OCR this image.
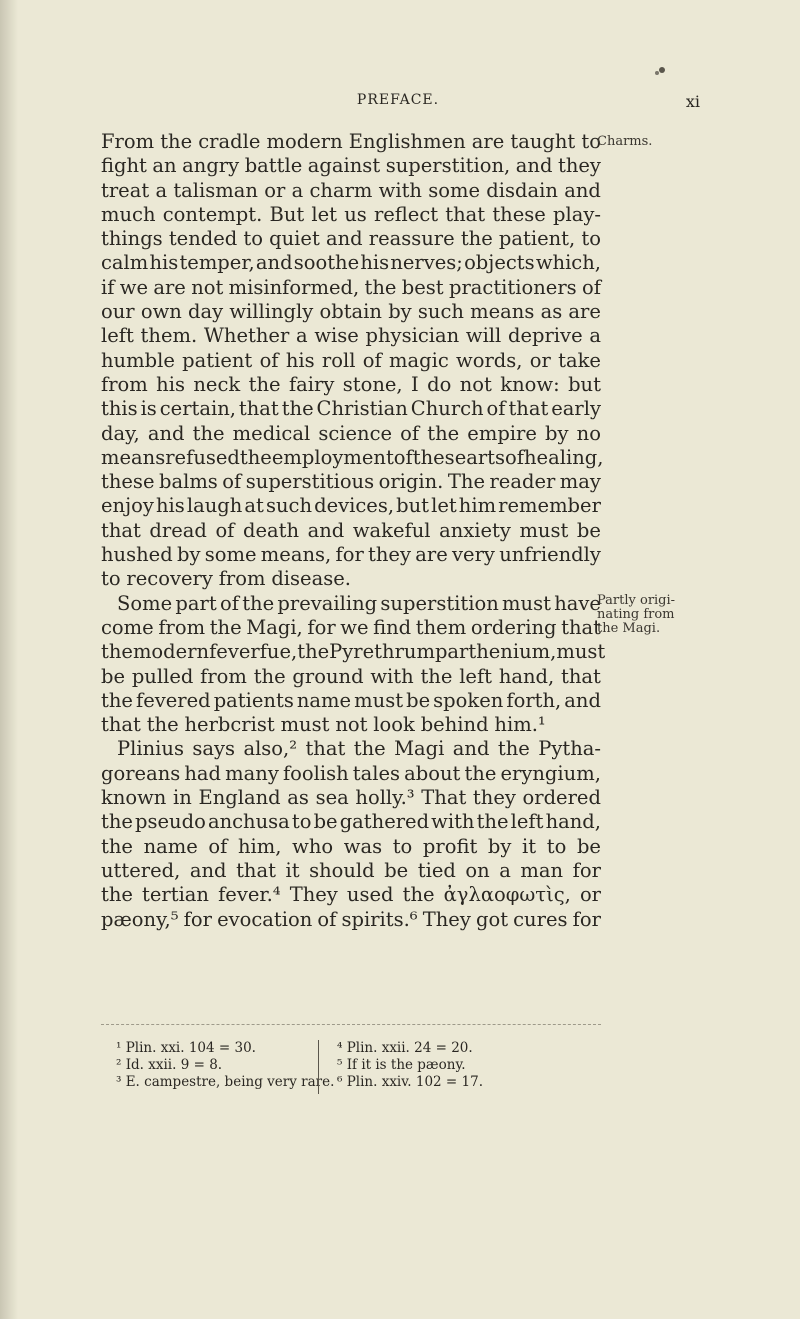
PREFACE.	xi
From the cradle modern Englishmen are taught to
fight an angry battle against superstition, and they
treat a talisman or a charm with some disdain and
much contempt. But let us reflect that these play-
things tended to quiet and reassure the patient, to
calm his temper, and soothe his nerves; objects which,
if we are not misinformed, the best practitioners of
our own day willingly obtain by such means as are
left them. Whether a wise physician will deprive a
humble patient of his roll of magic words, or take
from his neck the fairy stone, I do not know: but
this is certain, that the Christian Church of that early
day, and the medical science of the empire by no
means refused the employment of these arts of healing,
these balms of superstitious origin. The reader may
enjoy his laugh at such devices, but let him remember
that dread of death and wakeful anxiety must be
hushed by some means, for they are very unfriendly
to recovery from disease.
Some part of the prevailing superstition must have
come from the Magi, for we find them ordering that
the modern feverfue, the Pyrethrum parthenium, must
be pulled from the ground with the left hand, that
the fevered patients name must be spoken forth, and
that the herbcrist must not look behind him.¹
Plinius says also,² that the Magi and the Pytha-
goreans had many foolish tales about the eryngium,
known in England as sea holly.³ That they ordered
the pseudo anchusa to be gathered with the left hand,
the name of him, who was to profit by it to be
uttered, and that it should be tied on a man for
the tertian fever.⁴ They used the ἀγλαοφωτὶς, or
pæony,⁵ for evocation of spirits.⁶ They got cures for
Charms.
Partly origi-
nating from
the Magi.
¹ Plin. xxi. 104 = 30.
² Id. xxii. 9 = 8.
³ E. campestre, being very rare.
⁴ Plin. xxii. 24 = 20.
⁵ If it is the pæony.
⁶ Plin. xxiv. 102 = 17.
